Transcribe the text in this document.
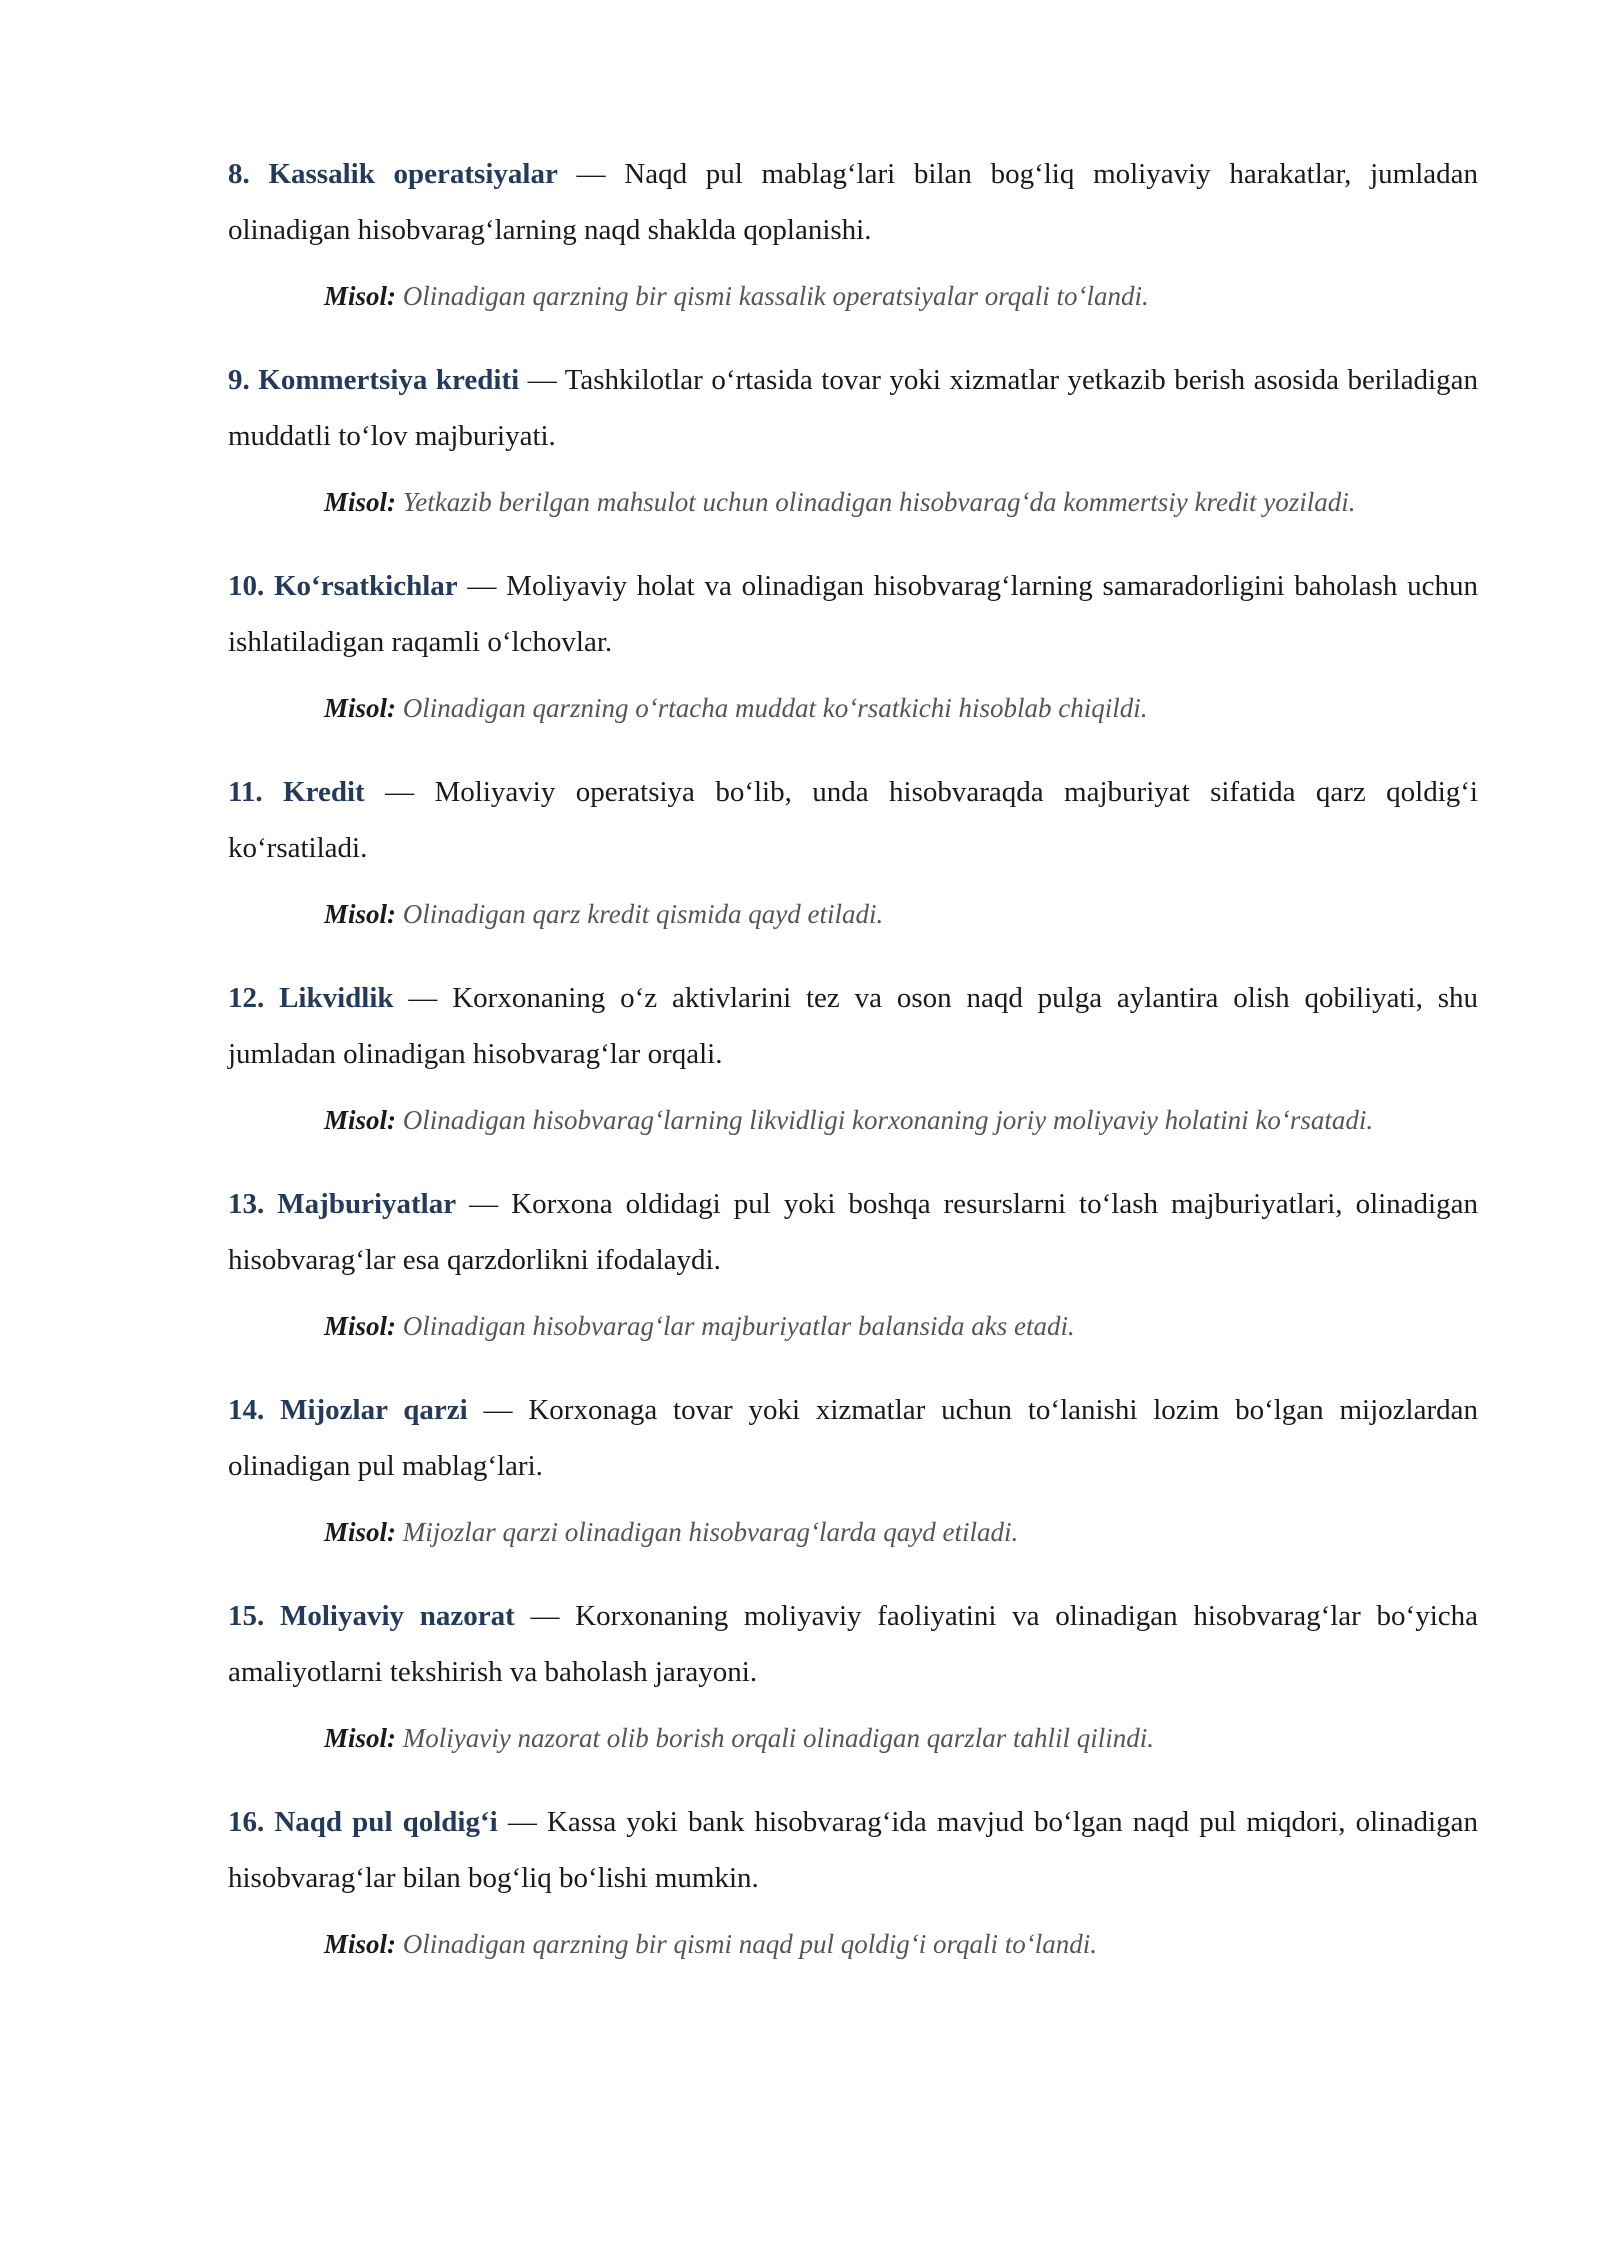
8. Kassalik operatsiyalar — Naqd pul mablag‘lari bilan bog‘liq moliyaviy harakatlar, jumladan olinadigan hisobvarag‘larning naqd shaklda qoplanishi.

Misol: Olinadigan qarzning bir qismi kassalik operatsiyalar orqali to‘landi.

9. Kommertsiya krediti — Tashkilotlar o‘rtasida tovar yoki xizmatlar yetkazib berish asosida beriladigan muddatli to‘lov majburiyati.

Misol: Yetkazib berilgan mahsulot uchun olinadigan hisobvarag‘da kommertsiy kredit yoziladi.

10. Ko‘rsatkichlar — Moliyaviy holat va olinadigan hisobvarag‘larning samaradorligini baholash uchun ishlatiladigan raqamli o‘lchovlar.

Misol: Olinadigan qarzning o‘rtacha muddat ko‘rsatkichi hisoblab chiqildi.

11. Kredit — Moliyaviy operatsiya bo‘lib, unda hisobvaraqda majburiyat sifatida qarz qoldig‘i ko‘rsatiladi.

Misol: Olinadigan qarz kredit qismida qayd etiladi.

12. Likvidlik — Korxonaning o‘z aktivlarini tez va oson naqd pulga aylantira olish qobiliyati, shu jumladan olinadigan hisobvarag‘lar orqali.

Misol: Olinadigan hisobvarag‘larning likvidligi korxonaning joriy moliyaviy holatini ko‘rsatadi.

13. Majburiyatlar — Korxona oldidagi pul yoki boshqa resurslarni to‘lash majburiyatlari, olinadigan hisobvarag‘lar esa qarzdorlikni ifodalaydi.

Misol: Olinadigan hisobvarag‘lar majburiyatlar balansida aks etadi.

14. Mijozlar qarzi — Korxonaga tovar yoki xizmatlar uchun to‘lanishi lozim bo‘lgan mijozlardan olinadigan pul mablag‘lari.

Misol: Mijozlar qarzi olinadigan hisobvarag‘larda qayd etiladi.

15. Moliyaviy nazorat — Korxonaning moliyaviy faoliyatini va olinadigan hisobvarag‘lar bo‘yicha amaliyotlarni tekshirish va baholash jarayoni.

Misol: Moliyaviy nazorat olib borish orqali olinadigan qarzlar tahlil qilindi.

16. Naqd pul qoldig‘i — Kassa yoki bank hisobvarag‘ida mavjud bo‘lgan naqd pul miqdori, olinadigan hisobvarag‘lar bilan bog‘liq bo‘lishi mumkin.

Misol: Olinadigan qarzning bir qismi naqd pul qoldig‘i orqali to‘landi.
